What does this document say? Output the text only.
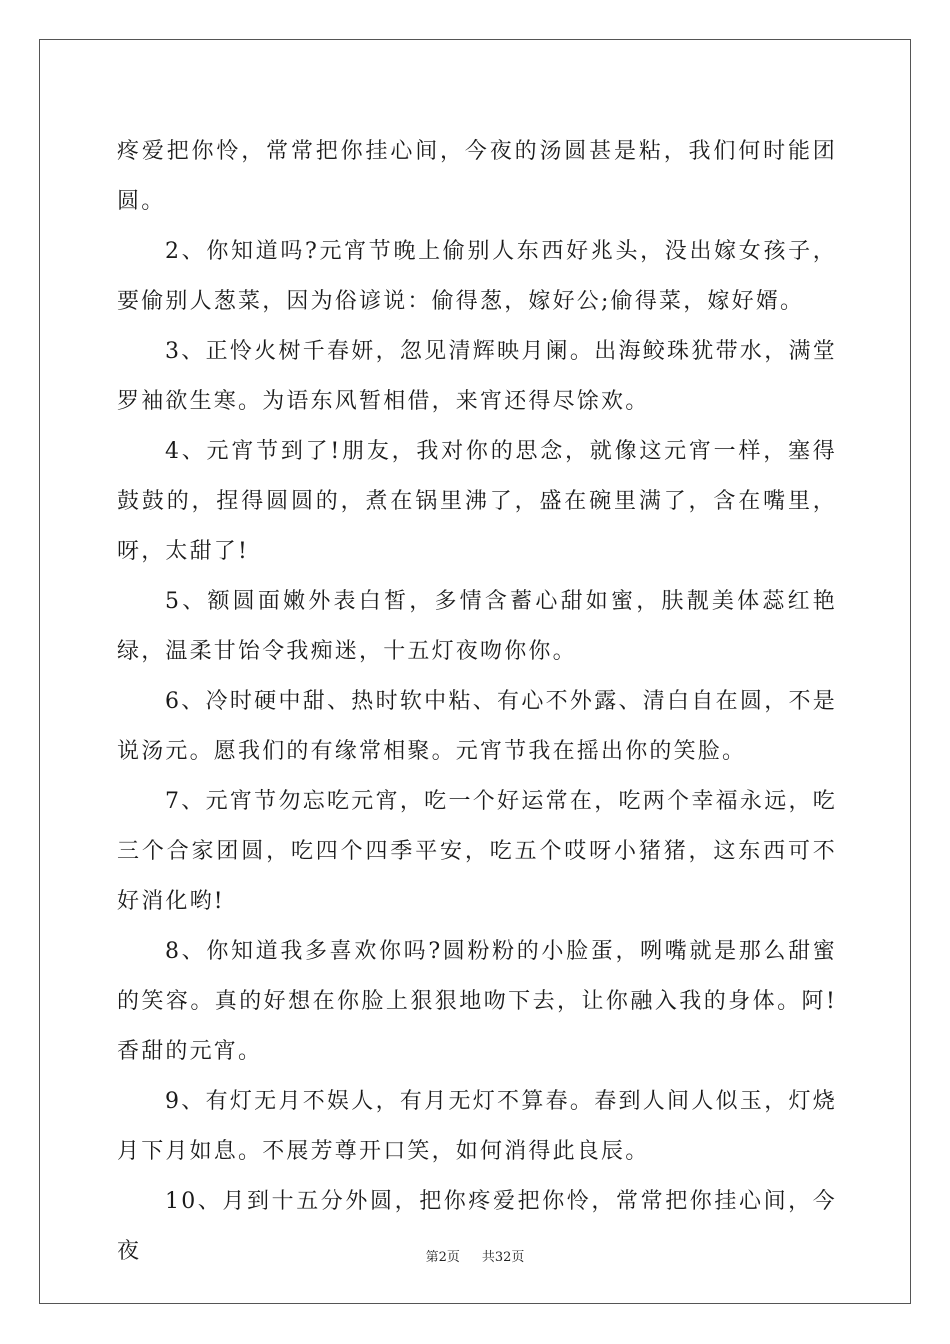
疼爱把你怜，常常把你挂心间，今夜的汤圆甚是粘，我们何时能团圆。

2、你知道吗?元宵节晚上偷别人东西好兆头，没出嫁女孩子，要偷别人葱菜，因为俗谚说：偷得葱，嫁好公;偷得菜，嫁好婿。

3、正怜火树千春妍，忽见清辉映月阑。出海鲛珠犹带水，满堂罗袖欲生寒。为语东风暂相借，来宵还得尽馀欢。

4、元宵节到了!朋友，我对你的思念，就像这元宵一样，塞得鼓鼓的，捏得圆圆的，煮在锅里沸了，盛在碗里满了，含在嘴里，呀，太甜了!

5、额圆面嫩外表白皙，多情含蓄心甜如蜜，肤靓美体蕊红艳绿，温柔甘饴令我痴迷，十五灯夜吻你你。

6、冷时硬中甜、热时软中粘、有心不外露、清白自在圆，不是说汤元。愿我们的有缘常相聚。元宵节我在摇出你的笑脸。

7、元宵节勿忘吃元宵，吃一个好运常在，吃两个幸福永远，吃三个合家团圆，吃四个四季平安，吃五个哎呀小猪猪，这东西可不好消化哟!

8、你知道我多喜欢你吗?圆粉粉的小脸蛋，咧嘴就是那么甜蜜的笑容。真的好想在你脸上狠狠地吻下去，让你融入我的身体。阿!香甜的元宵。

9、有灯无月不娱人，有月无灯不算春。春到人间人似玉，灯烧月下月如息。不展芳尊开口笑，如何消得此良辰。

10、月到十五分外圆，把你疼爱把你怜，常常把你挂心间，今夜	第2页 共32页
